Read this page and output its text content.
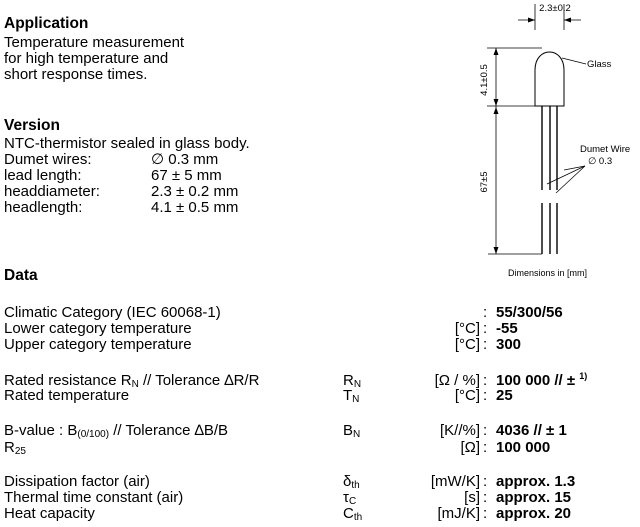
Application
Temperature measurement
for high temperature and
short response times.
Version
NTC-thermistor sealed in glass body.
Dumet wires:	∅ 0.3 mm
lead length:	67 ± 5 mm
headdiameter:	2.3 ± 0.2 mm
headlength:	4.1 ± 0.5 mm
2.3±0.2
Glass
4.1±0.5
67±5
Dumet Wire
∅ 0.3
Dimensions in [mm]
Data
Climatic Category (IEC 60068-1)	: 55/300/56
Lower category temperature	[°C] : -55
Upper category temperature	[°C] : 300
Rated resistance $R_N$ // Tolerance ∆R/R	$R_N$	[Ω / %] : 100 000 // ± $^{1)}$
Rated temperature	$T_N$	[°C] : 25
B-value : $B_{(0/100)}$ // Tolerance ∆B/B	$B_N$	[K//%] : 4036 // ± 1
$R_{25}$	[Ω] : 100 000
Dissipation factor (air)	$\delta_{th}$	[mW/K] : approx. 1.3
Thermal time constant (air)	$\tau_C$	[s] : approx. 15
Heat capacity	$C_{th}$	[mJ/K] : approx. 20
